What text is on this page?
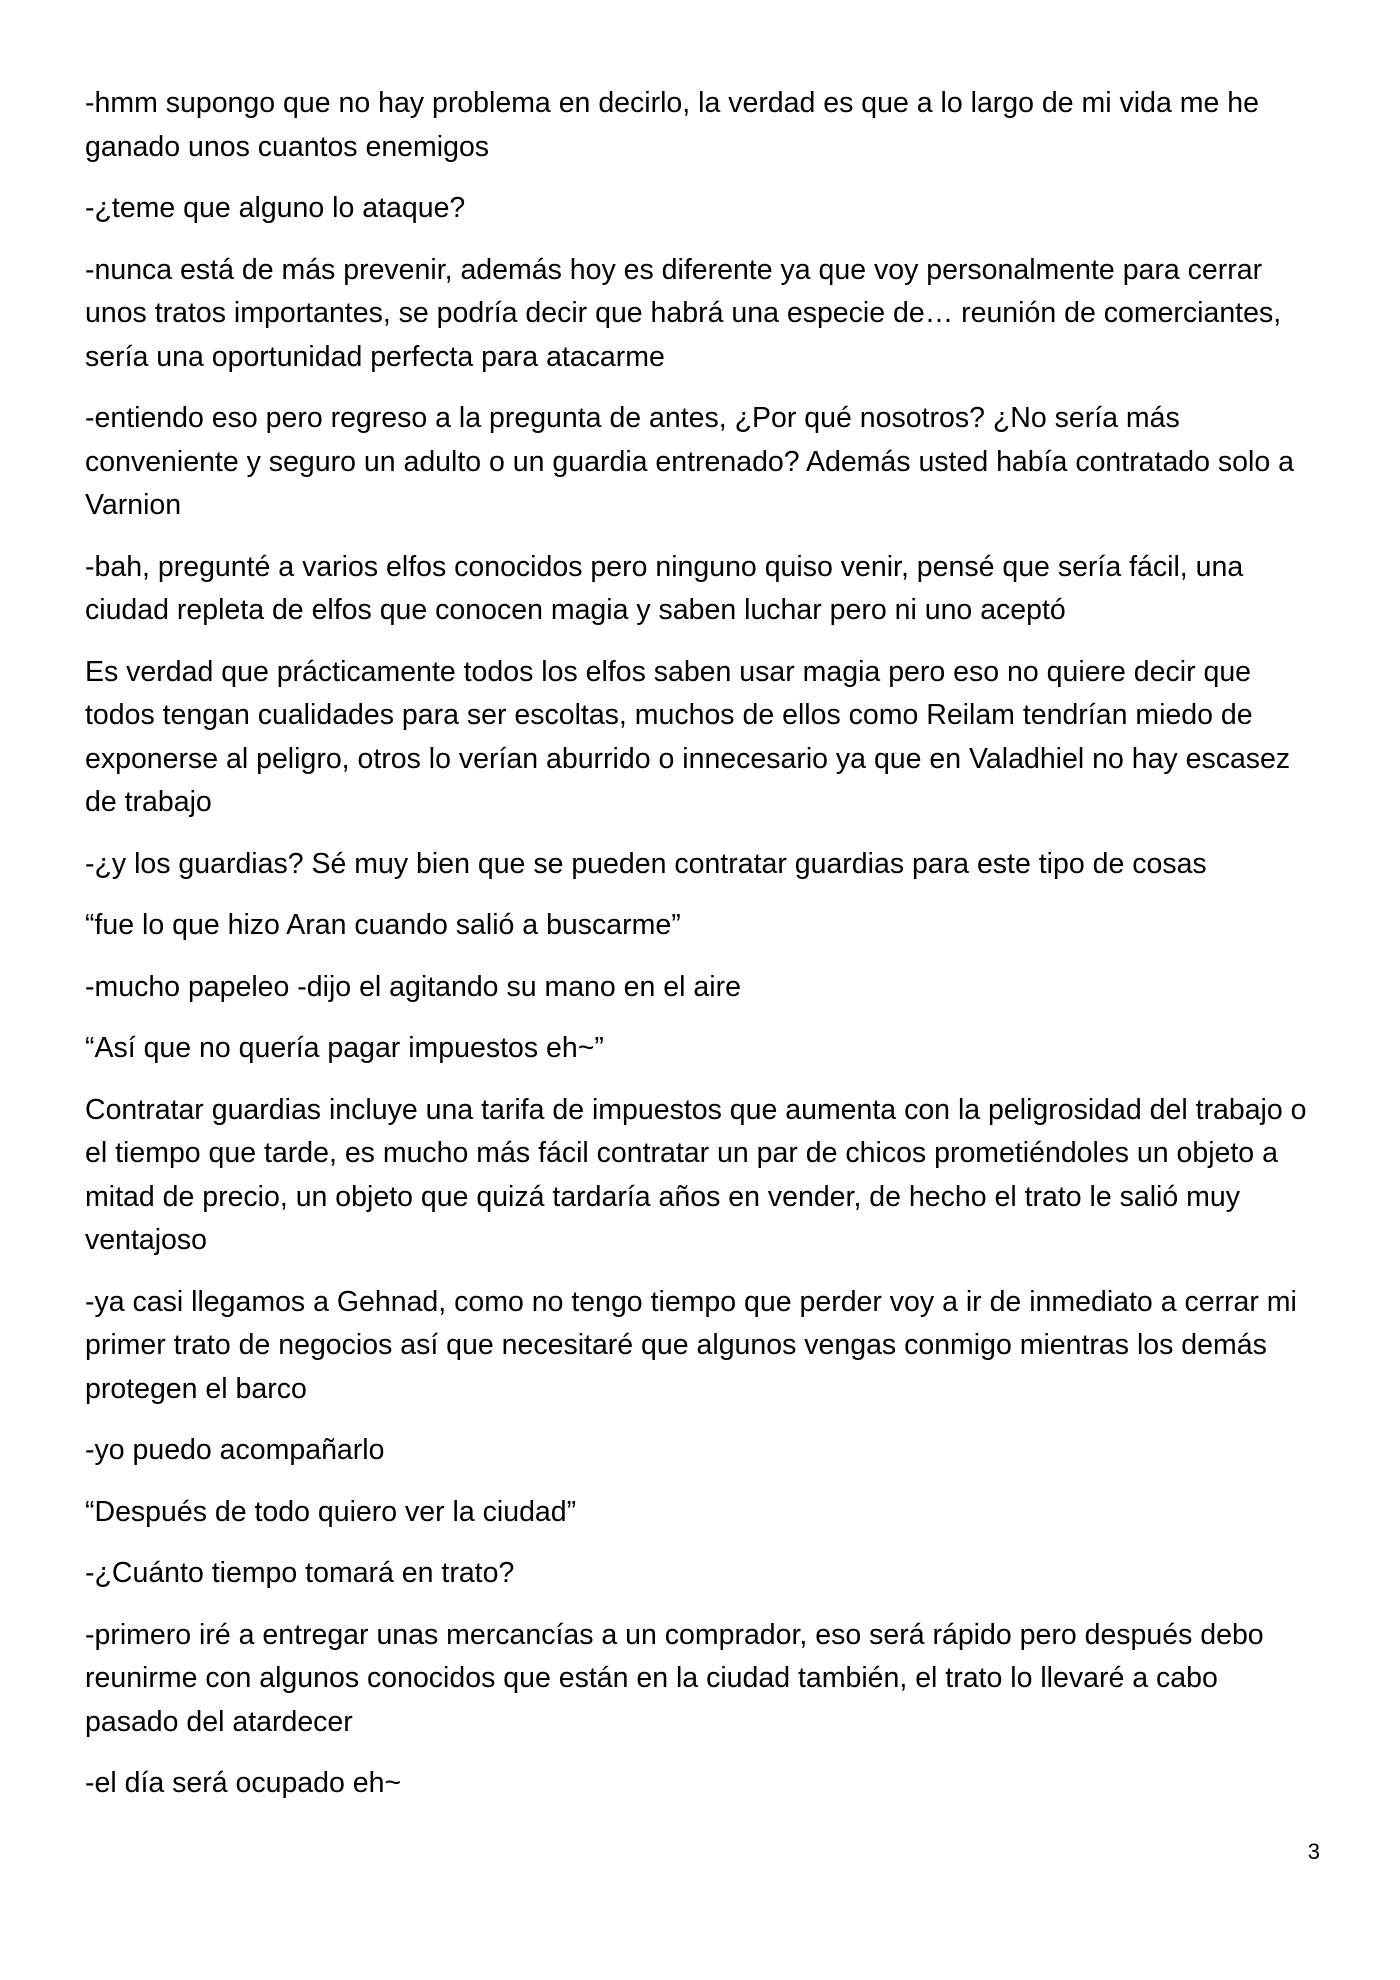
-hmm supongo que no hay problema en decirlo, la verdad es que a lo largo de mi vida me he ganado unos cuantos enemigos

-¿teme que alguno lo ataque?

-nunca está de más prevenir, además hoy es diferente ya que voy personalmente para cerrar unos tratos importantes, se podría decir que habrá una especie de… reunión de comerciantes, sería una oportunidad perfecta para atacarme

-entiendo eso pero regreso a la pregunta de antes, ¿Por qué nosotros? ¿No sería más conveniente y seguro un adulto o un guardia entrenado? Además usted había contratado solo a Varnion

-bah, pregunté a varios elfos conocidos pero ninguno quiso venir, pensé que sería fácil, una ciudad repleta de elfos que conocen magia y saben luchar pero ni uno aceptó

Es verdad que prácticamente todos los elfos saben usar magia pero eso no quiere decir que todos tengan cualidades para ser escoltas, muchos de ellos como Reilam tendrían miedo de exponerse al peligro, otros lo verían aburrido o innecesario ya que en Valadhiel no hay escasez de trabajo

-¿y los guardias? Sé muy bien que se pueden contratar guardias para este tipo de cosas

“fue lo que hizo Aran cuando salió a buscarme”

-mucho papeleo -dijo el agitando su mano en el aire

“Así que no quería pagar impuestos eh~”

Contratar guardias incluye una tarifa de impuestos que aumenta con la peligrosidad del trabajo o el tiempo que tarde, es mucho más fácil contratar un par de chicos prometiéndoles un objeto a mitad de precio, un objeto que quizá tardaría años en vender, de hecho el trato le salió muy ventajoso

-ya casi llegamos a Gehnad, como no tengo tiempo que perder voy a ir de inmediato a cerrar mi primer trato de negocios así que necesitaré que algunos vengas conmigo mientras los demás protegen el barco

-yo puedo acompañarlo

“Después de todo quiero ver la ciudad”

-¿Cuánto tiempo tomará en trato?

-primero iré a entregar unas mercancías a un comprador, eso será rápido pero después debo reunirme con algunos conocidos que están en la ciudad también, el trato lo llevaré a cabo pasado del atardecer

-el día será ocupado eh~

3
